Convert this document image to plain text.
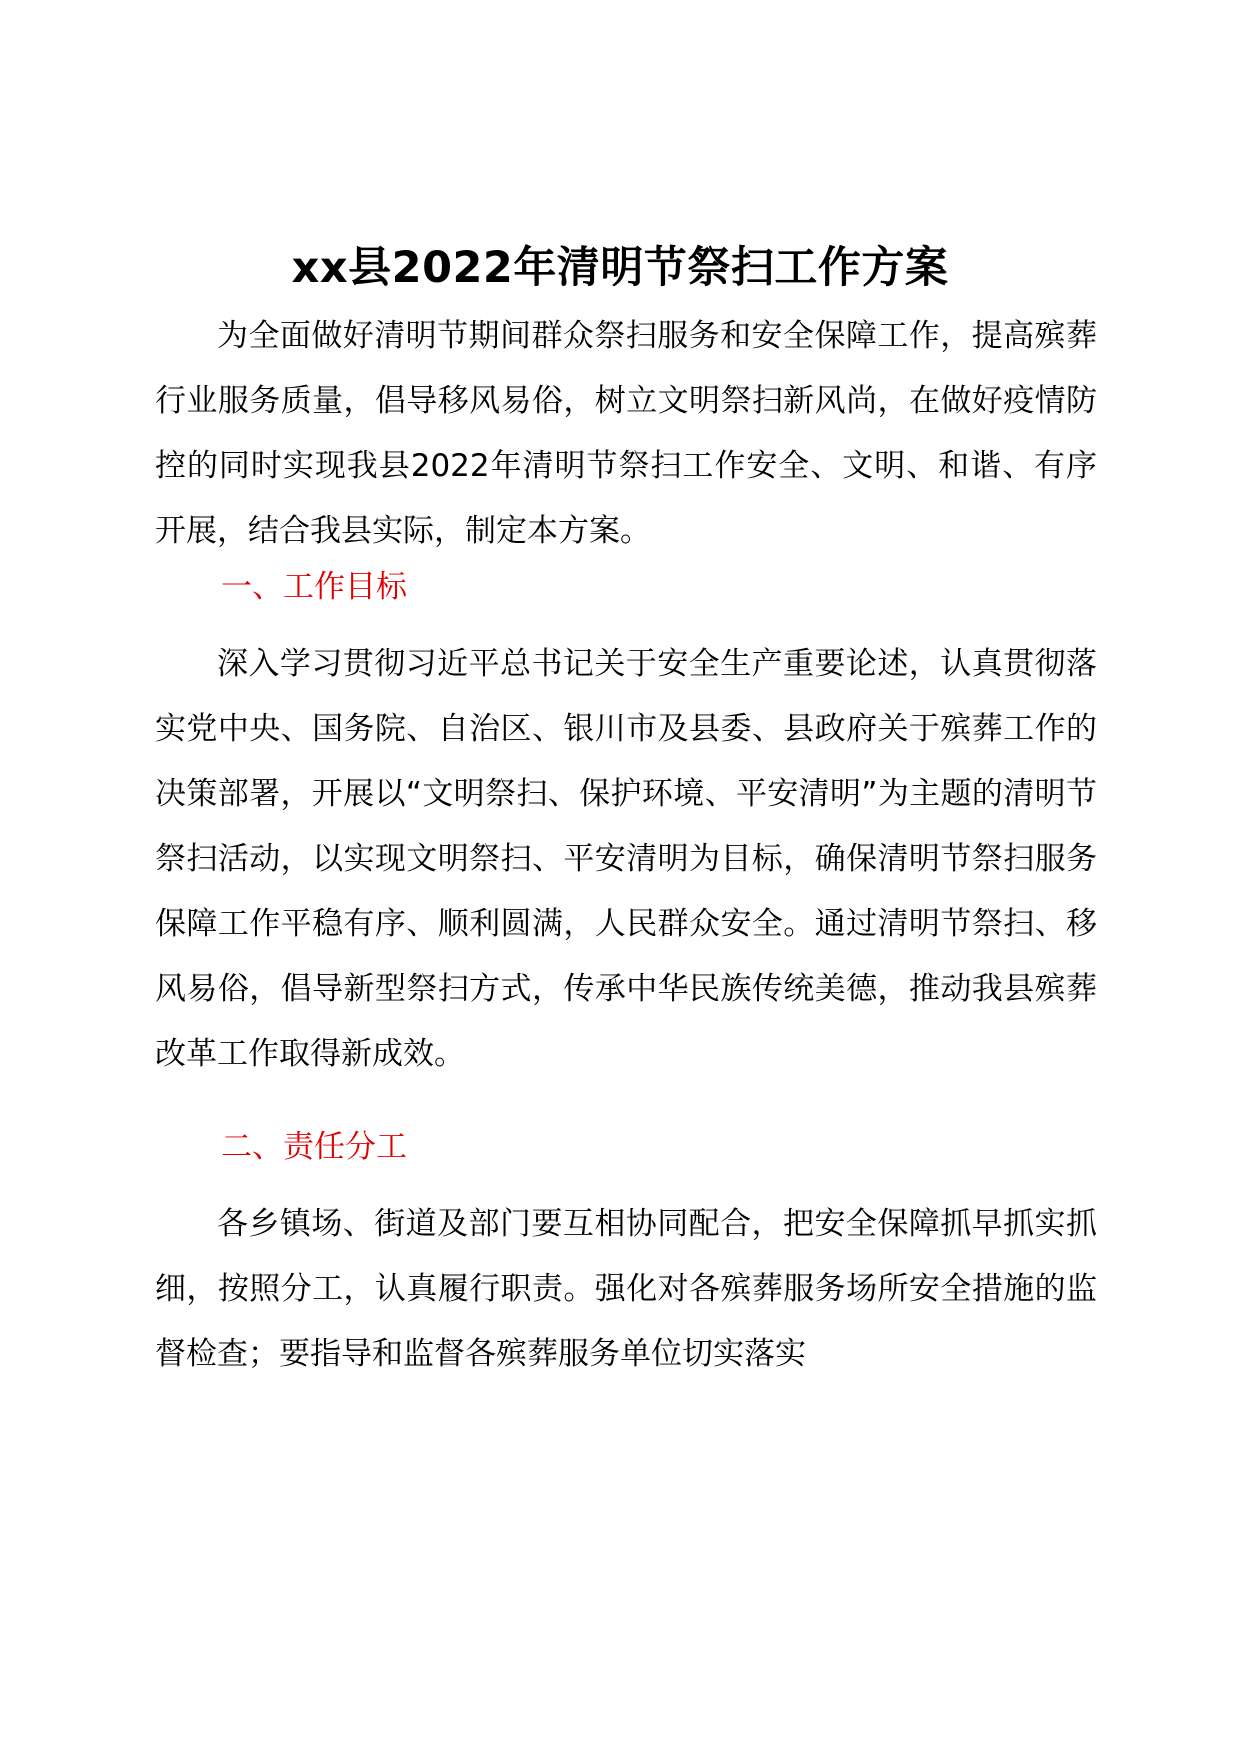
xx县2022年清明节祭扫工作方案

为全面做好清明节期间群众祭扫服务和安全保障工作，提高殡葬行业服务质量，倡导移风易俗，树立文明祭扫新风尚，在做好疫情防控的同时实现我县2022年清明节祭扫工作安全、文明、和谐、有序开展，结合我县实际，制定本方案。

一、工作目标

深入学习贯彻习近平总书记关于安全生产重要论述，认真贯彻落实党中央、国务院、自治区、银川市及县委、县政府关于殡葬工作的决策部署，开展以“文明祭扫、保护环境、平安清明”为主题的清明节祭扫活动，以实现文明祭扫、平安清明为目标，确保清明节祭扫服务保障工作平稳有序、顺利圆满，人民群众安全。通过清明节祭扫、移风易俗，倡导新型祭扫方式，传承中华民族传统美德，推动我县殡葬改革工作取得新成效。

二、责任分工

各乡镇场、街道及部门要互相协同配合，把安全保障抓早抓实抓细，按照分工，认真履行职责。强化对各殡葬服务场所安全措施的监督检查；要指导和监督各殡葬服务单位切实落实
